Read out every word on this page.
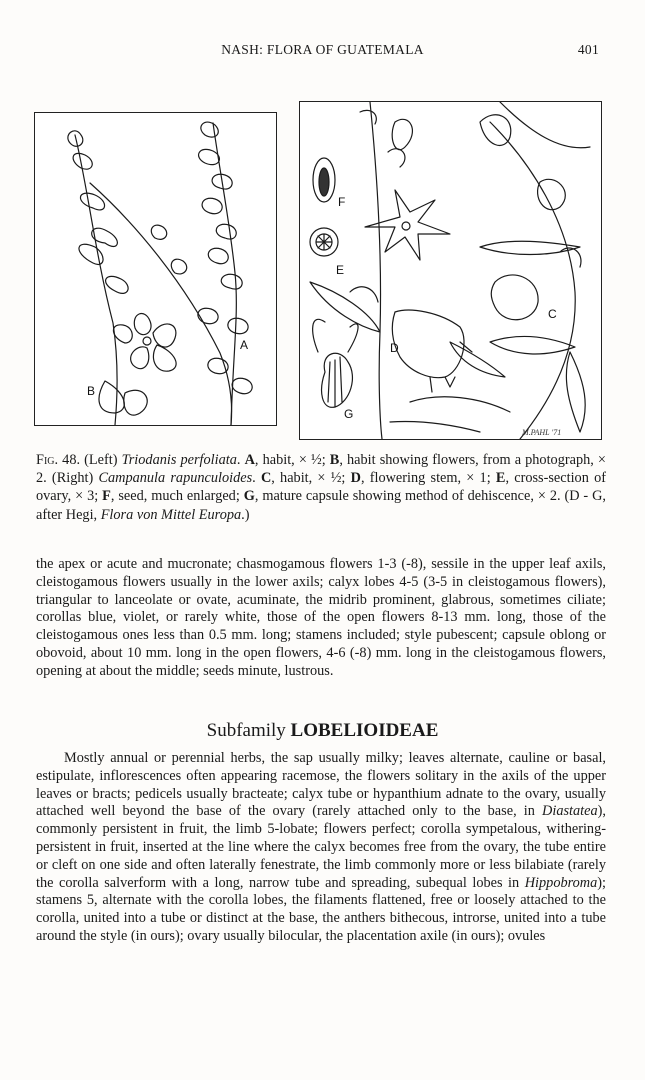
NASH: FLORA OF GUATEMALA	401
A
B
F
E
D
C
G
M.PAHL '71
Fig. 48. (Left) Triodanis perfoliata. A, habit, × ½; B, habit showing flowers, from a photograph, × 2. (Right) Campanula rapunculoides. C, habit, × ½; D, flowering stem, × 1; E, cross-section of ovary, × 3; F, seed, much enlarged; G, mature capsule showing method of dehiscence, × 2. (D - G, after Hegi, Flora von Mittel Europa.)
the apex or acute and mucronate; chasmogamous flowers 1-3 (-8), sessile in the upper leaf axils, cleistogamous flowers usually in the lower axils; calyx lobes 4-5 (3-5 in cleistogamous flowers), triangular to lanceolate or ovate, acuminate, the midrib prominent, glabrous, sometimes ciliate; corollas blue, violet, or rarely white, those of the open flowers 8-13 mm. long, those of the cleistogamous ones less than 0.5 mm. long; stamens included; style pubescent; capsule oblong or obovoid, about 10 mm. long in the open flowers, 4-6 (-8) mm. long in the cleistogamous flowers, opening at about the middle; seeds minute, lustrous.
Subfamily LOBELIOIDEAE
Mostly annual or perennial herbs, the sap usually milky; leaves alternate, cauline or basal, estipulate, inflorescences often appearing racemose, the flowers solitary in the axils of the upper leaves or bracts; pedicels usually bracteate; calyx tube or hypanthium adnate to the ovary, usually attached well beyond the base of the ovary (rarely attached only to the base, in Diastatea), commonly persistent in fruit, the limb 5-lobate; flowers perfect; corolla sympetalous, withering-persistent in fruit, inserted at the line where the calyx becomes free from the ovary, the tube entire or cleft on one side and often laterally fenestrate, the limb commonly more or less bilabiate (rarely the corolla salverform with a long, narrow tube and spreading, subequal lobes in Hippobroma); stamens 5, alternate with the corolla lobes, the filaments flattened, free or loosely attached to the corolla, united into a tube or distinct at the base, the anthers bithecous, introrse, united into a tube around the style (in ours); ovary usually bilocular, the placentation axile (in ours); ovules
